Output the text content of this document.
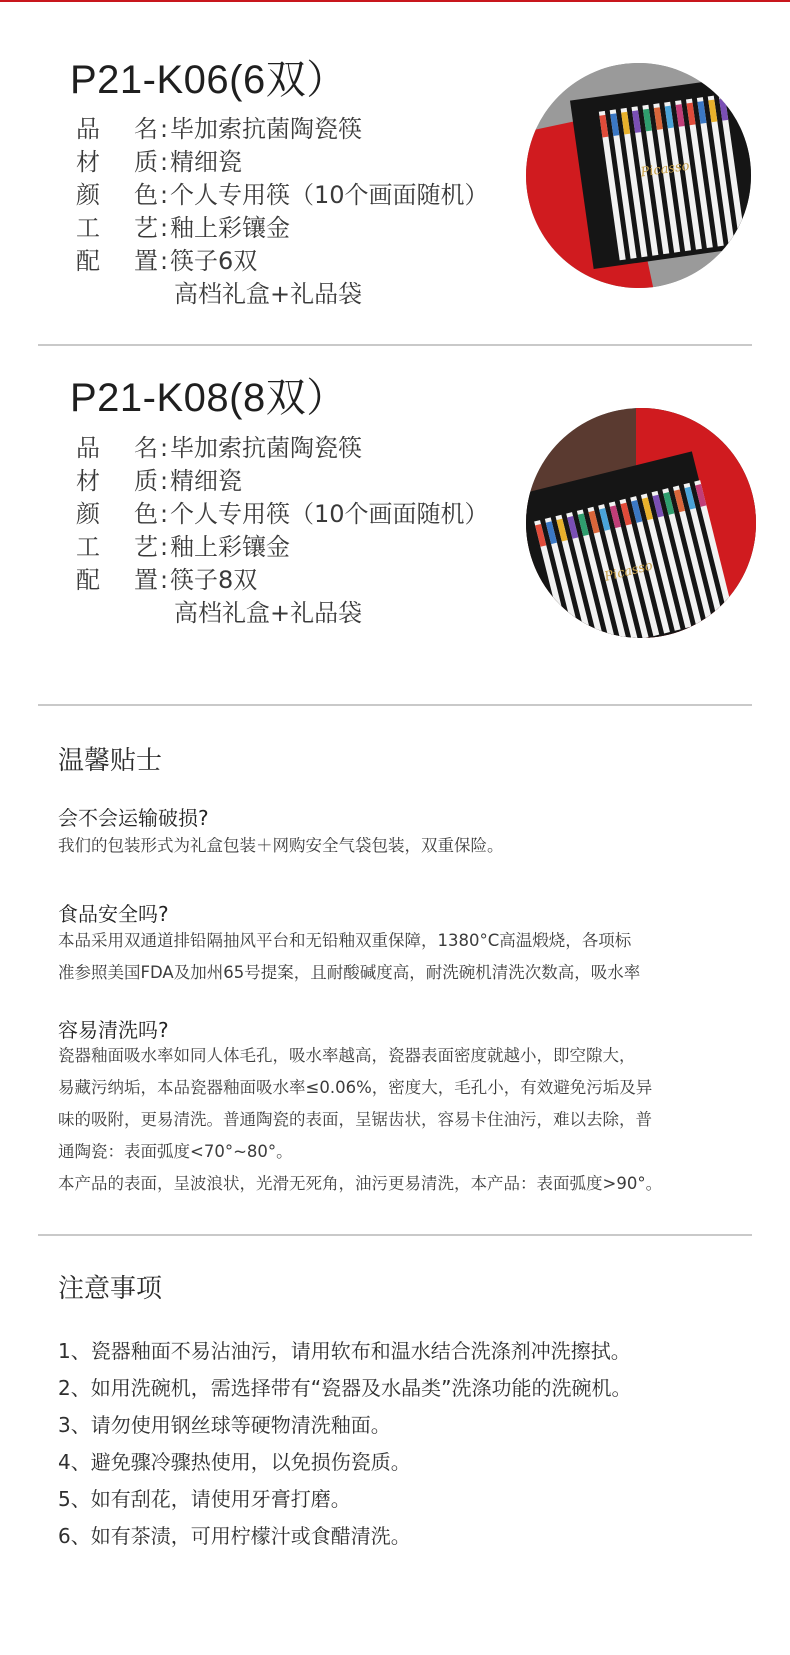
P21-K06(6双）
品 名:毕加索抗菌陶瓷筷
材 质:精细瓷
颜 色:个人专用筷（10个画面随机）
工 艺:釉上彩镶金
配 置:筷子6双
高档礼盒+礼品袋
Picasso
P21-K08(8双）
品 名:毕加索抗菌陶瓷筷
材 质:精细瓷
颜 色:个人专用筷（10个画面随机）
工 艺:釉上彩镶金
配 置:筷子8双
高档礼盒+礼品袋
Picasso
温馨贴士
会不会运输破损?
我们的包装形式为礼盒包装＋网购安全气袋包装，双重保险。
食品安全吗?
本品采用双通道排铅隔抽风平台和无铅釉双重保障，1380°C高温煅烧，各项标
准参照美国FDA及加州65号提案，且耐酸碱度高，耐洗碗机清洗次数高，吸水率
容易清洗吗?
瓷器釉面吸水率如同人体毛孔，吸水率越高，瓷器表面密度就越小，即空隙大，
易藏污纳垢，本品瓷器釉面吸水率≤0.06%，密度大，毛孔小，有效避免污垢及异
味的吸附，更易清洗。普通陶瓷的表面，呈锯齿状，容易卡住油污，难以去除，普
通陶瓷：表面弧度<70°~80°。
本产品的表面，呈波浪状，光滑无死角，油污更易清洗，本产品：表面弧度>90°。
注意事项
1、瓷器釉面不易沾油污，请用软布和温水结合洗涤剂冲洗擦拭。
2、如用洗碗机，需选择带有“瓷器及水晶类”洗涤功能的洗碗机。
3、请勿使用钢丝球等硬物清洗釉面。
4、避免骤冷骤热使用，以免损伤瓷质。
5、如有刮花，请使用牙膏打磨。
6、如有茶渍，可用柠檬汁或食醋清洗。
